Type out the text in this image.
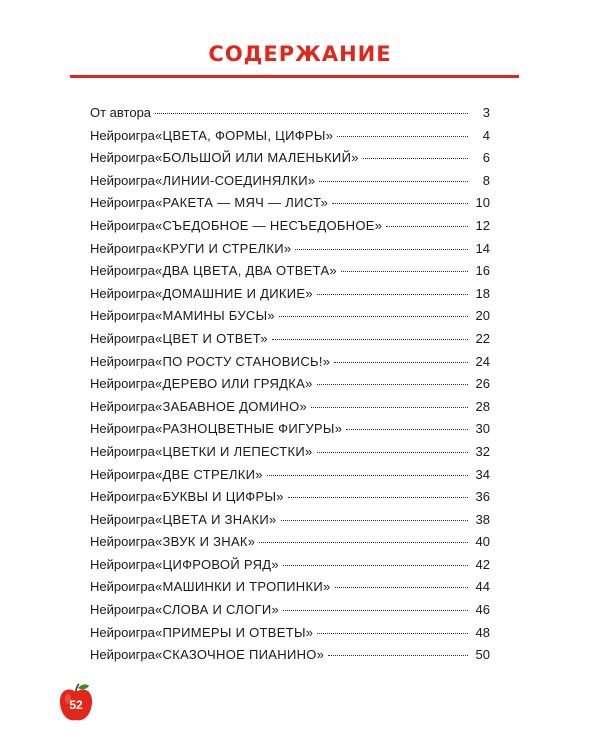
СОДЕРЖАНИЕ
От автора	3
Нейроигра «ЦВЕТА, ФОРМЫ, ЦИФРЫ»	4
Нейроигра «БОЛЬШОЙ ИЛИ МАЛЕНЬКИЙ»	6
Нейроигра «ЛИНИИ-СОЕДИНЯЛКИ»	8
Нейроигра «РАКЕТА — МЯЧ — ЛИСТ»	10
Нейроигра «СЪЕДОБНОЕ — НЕСЪЕДОБНОЕ»	12
Нейроигра «КРУГИ И СТРЕЛКИ»	14
Нейроигра «ДВА ЦВЕТА, ДВА ОТВЕТА»	16
Нейроигра «ДОМАШНИЕ И ДИКИЕ»	18
Нейроигра «МАМИНЫ БУСЫ»	20
Нейроигра «ЦВЕТ И ОТВЕТ»	22
Нейроигра «ПО РОСТУ СТАНОВИСЬ!»	24
Нейроигра «ДЕРЕВО ИЛИ ГРЯДКА»	26
Нейроигра «ЗАБАВНОЕ ДОМИНО»	28
Нейроигра «РАЗНОЦВЕТНЫЕ ФИГУРЫ»	30
Нейроигра «ЦВЕТКИ И ЛЕПЕСТКИ»	32
Нейроигра «ДВЕ СТРЕЛКИ»	34
Нейроигра «БУКВЫ И ЦИФРЫ»	36
Нейроигра «ЦВЕТА И ЗНАКИ»	38
Нейроигра «ЗВУК И ЗНАК»	40
Нейроигра «ЦИФРОВОЙ РЯД»	42
Нейроигра «МАШИНКИ И ТРОПИНКИ»	44
Нейроигра «СЛОВА И СЛОГИ»	46
Нейроигра «ПРИМЕРЫ И ОТВЕТЫ»	48
Нейроигра «СКАЗОЧНОЕ ПИАНИНО»	50
52
